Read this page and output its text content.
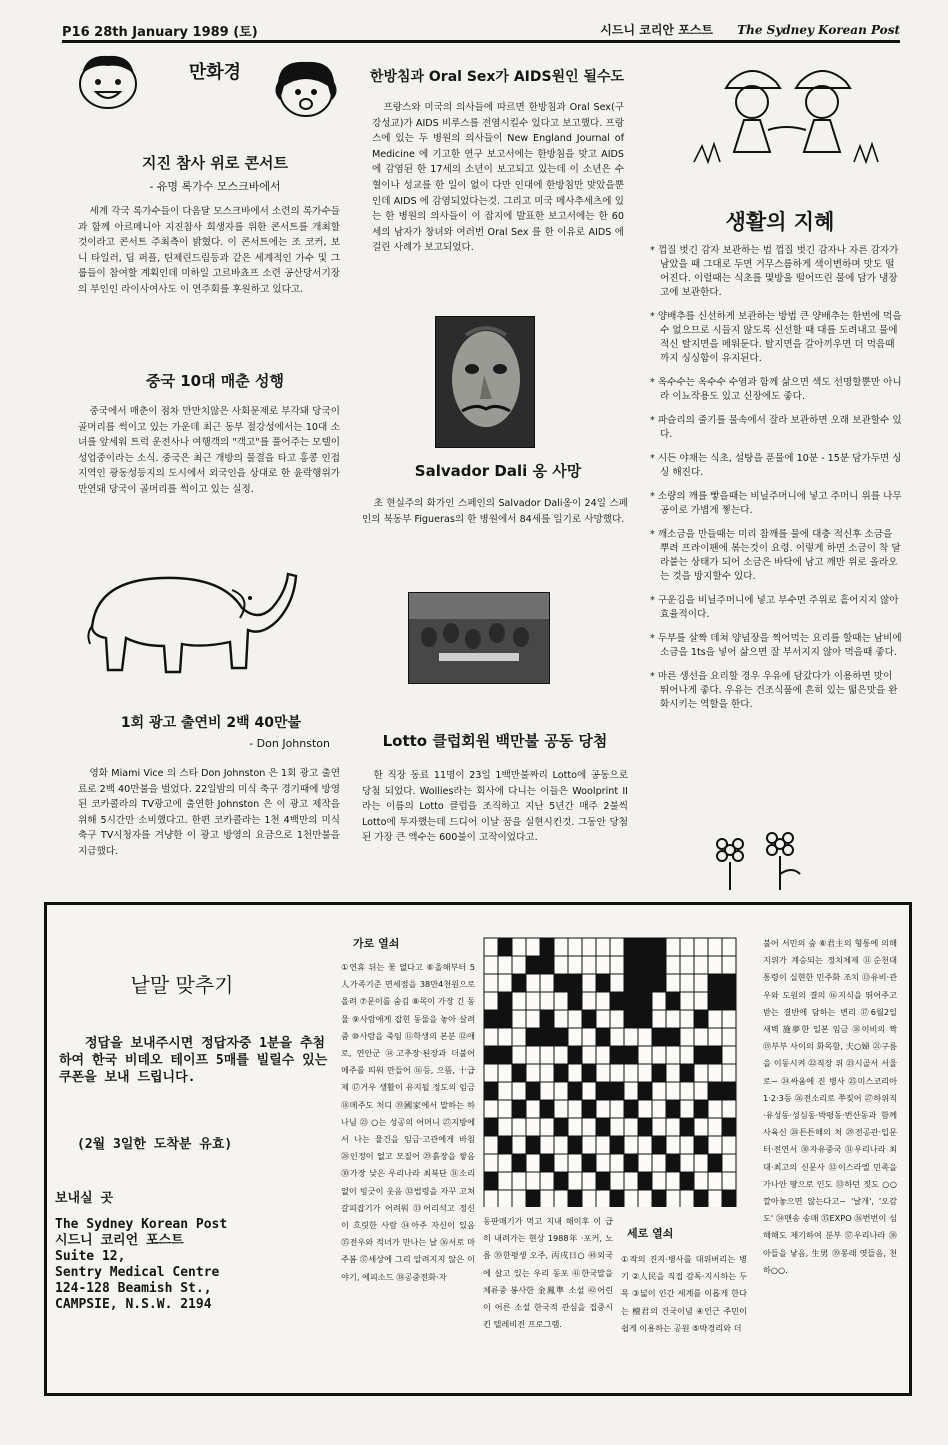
P16 28th January 1989 (토)	시드니 코리안 포스트 The Sydney Korean Post
만화경
지진 참사 위로 콘서트
- 유명 록가수 모스크바에서

세계 각국 록가수들이 다음달 모스크바에서 소련의 록가수들과 함께 아르메니아 지진참사 희생자를 위한 콘서트를 개최할 것이라고 콘서트 주최측이 밝혔다. 이 콘서트에는 조 코커, 보니 타일러, 딥 퍼플, 틴제린드림등과 같은 세계적인 가수 및 그룹들이 참여할 계획인데 미하일 고르바쵸프 소련 공산당서기장의 부인인 라이사여사도 이 연주회를 후원하고 있다고.

중국 10대 매춘 성행

중국에서 매춘이 점차 만만치않은 사회문제로 부각돼 당국이 골머리를 썩이고 있는 가운데 최근 동부 절강성에서는 10대 소녀를 앞세워 트럭 운전사나 여행객의 "객고"를 풀어주는 모텔이 성업중이라는 소식. 중국은 최근 개방의 물결을 타고 홍콩 인접지역인 광동성등지의 도시에서 외국인을 상대로 한 윤락행위가 만연돼 당국이 골머리를 썩이고 있는 실정.

1회 광고 출연비 2백 40만불
- Don Johnston

영화 Miami Vice 의 스타 Don Johnston 은 1회 광고 출연료로 2백 40만불을 벌었다. 22일밤의 미식 축구 경기때에 방영된 코카콜라의 TV광고에 출연한 Johnston 은 이 광고 제작을 위해 5시간만 소비했다고. 한편 코카콜라는 1천 4백만의 미식축구 TV시청자를 겨냥한 이 광고 방영의 요금으로 1천만불을 지급했다.

한방침과 Oral Sex가 AIDS원인 될수도

프랑스와 미국의 의사들에 따르면 한방침과 Oral Sex(구강성교)가 AIDS 비루스를 전염시킬수 있다고 보고했다. 프랑스에 있는 두 병원의 의사들이 New England Journal of Medicine 에 기고한 연구 보고서에는 한방침을 맞고 AIDS 에 감염된 한 17세의 소년이 보고되고 있는데 이 소년은 수혈이나 성교를 한 일이 없이 다만 인대에 한방침만 맞았을뿐인데 AIDS 에 감염되었다는것. 그리고 미국 메사추세츠에 있는 한 병원의 의사들이 이 잡지에 발표한 보고서에는 한 60세의 남자가 창녀와 여러번 Oral Sex 를 한 이유로 AIDS 에 걸린 사례가 보고되었다.

Salvador Dali 옹 사망

초 현실주의 화가인 스페인의 Salvador Dali옹이 24일 스페인의 북동부 Figueras의 한 병원에서 84세를 일기로 사망했다.

Lotto 클럽회원 백만불 공동 당첨

한 직장 동료 11명이 23일 1백만불짜리 Lotto에 공동으로 당첨 되었다. Wollies라는 회사에 다니는 이들은 Woolprint II라는 이름의 Lotto 클럽을 조직하고 지난 5년간 매주 2불씩 Lotto에 투자했는데 드디어 이날 꿈을 실현시킨것. 그동안 당첨된 가장 큰 액수는 600불이 고작이었다고.

생활의 지혜

* 껍질 벗긴 감자 보관하는 법 껍질 벗긴 감자나 자른 감자가 남았을 때 그대로 두면 거무스름하게 색이변하며 맛도 떨어진다. 이럴때는 식초를 몇방울 떨어뜨린 물에 담가 냉장고에 보관한다.

* 양배추를 신선하게 보관하는 방법 큰 양배추는 한번에 먹을수 없으므로 시들지 않도록 신선할 때 대를 도려내고 물에 적신 탈지면을 메워둔다. 탈지면을 갈아끼우면 더 먹음때까지 싱싱함이 유지된다.

* 옥수수는 옥수수 수염과 함께 삶으면 색도 선명할뿐만 아니라 이뇨작용도 있고 신장에도 좋다.

* 파슬리의 줄기를 물속에서 잘라 보관하면 오래 보관할수 있다.

* 시든 야채는 식초, 설탕을 푼물에 10분 - 15분 담가두면 싱싱 해진다.

* 소량의 깨를 빻을때는 비닐주머니에 넣고 주머니 위를 나무공이로 가볍게 찧는다.

* 깨소금을 만들때는 미리 참깨를 물에 대충 적신후 소금을 뿌려 프라이팬에 볶는것이 요령. 이렇게 하면 소금이 착 달라붙는 상태가 되어 소금은 바닥에 남고 깨만 위로 올라오는 것을 방지할수 있다.

* 구운김을 비닐주머니에 넣고 부수면 주위로 흩어지지 않아 효율적이다.

* 두부를 살짝 데쳐 양념장을 찍어먹는 요리를 할때는 남비에 소금을 1ts을 넣어 삶으면 잘 부서지지 않아 먹을때 좋다.

* 마른 생선을 요리할 경우 우유에 담갔다가 이용하면 맛이 뛰어나게 좋다. 우유는 건조식품에 흔히 있는 떫은맛을 완화시키는 역할을 한다.

낱말 맞추기
정답을 보내주시면 정답자중 1분을 추첨하여 한국 비데오 테이프 5매를 빌릴수 있는 쿠폰을 보내 드립니다.
(2월 3일한 도착분 유효)
보내실 곳
The Sydney Korean Post
시드니 코리언 포스트
Suite 12,
Sentry Medical Centre
124-128 Beamish St.,
CAMPSIE, N.S.W. 2194
가로 열쇠

①연휴 뒤는 꽃 없다고 ⑥올해부터 5人가족기준 면세점을 38만4천원으로 올려 ⑦문이를 숨김 ⑧목이 가장 긴 동물 ⑨사람에게 잡힌 동물을 놓아 살려줌 ⑩사람을 죽임 ⑪학생의 본분 ⑫애로, 연안군 ⑭고추장·된장과 더불어 메주를 띄워 만들어 ⑯등, 으뜸, 十급제 ⑰거우 생활이 유지될 정도의 임금 ⑱메주도 처디 ⑲國家에서 말하는 하나님 ㉓ ○는 성공의 어머니 ㉗지방에서 나는 물건을 임금·고관에게 바침 ㉘인정이 없고 모질어 ㉙흙장을 쌓음 ㉚가장 낮은 우리나라 최북단 ㉛소리없이 빙긋이 웃음 ㉜법령을 자꾸 고쳐 갈피잡기가 어려워 ㉝어리석고 정신이 흐릿한 사람 ㉞아주 자신이 있음 ㉟전우와 적녀가 만나는 날 ㊱서로 마주봄 ㊲세상에 그리 알려지지 않은 이야기, 에피소드 ㊳공중전화·자

동판매기가 먹고 지내 해이후 이 급히 내려가는 현상 1988年 ·포커, 노름 ㊴한평생 오주, 丙戌日○ ㊵외국에 살고 있는 우리 동포 ㊶한국말을 체류중 봉사한 金鳳準 소설 ㊷어린이 어른 소설 한국적 관심을 집중시킨 텔레비전 프로그램.

세로 열쇠

①작의 진지·병사를 대위버리는 병기 ②人民을 직접 감독·지시하는 두목 ③넓이 인간 세계를 이롭게 한다는 檀君의 건국이념 ④인근 주민이 쉽게 이용하는 공원 ⑤박경리와 더

불어 서민의 숲 ⑥君主의 형통에 의해 지위가 계승되는 정치체제 ⑪순천대통령이 실현한 민주화 조치 ⑬유비·관우와 도원의 결의 ⑯지식을 뛰어주고 받는 결반에 담하는 변리 ⑰6월2일 새벽 施夢한 일본 임금 ⑱이비의 짝 ⑲부부 사이의 화목함, 夫○婦 ㉑구름을 이동시켜 ㉒직장 위 ㉓시골서 서울로~ ㉔싸움에 진 병사 ㉕미스코리아 1·2·3등 ㉖전소리로 쭈짖어 ㉗하위직·유성동·성심동·박평동·번산동과 함께 사육신 ㉘튼튼해의 처 ㉙전공관·입문터·전연서 ㉚자유중국 ㉛우리나라 최대·최고의 신문사 ㉜이스라엘 민족을 가나안 땅으로 인도 ㉝하던 짓도 ○○ 깔아놓으면 않는다고~ '날개', '오감도' ㉞맨송 송매 ㉟EXPO ㊱번번이 심해해도 제기하여 분부 ㊲우리나라 ㊳아들을 낳음, 生男 ㊴몽래 엿들음, 천하○○.
